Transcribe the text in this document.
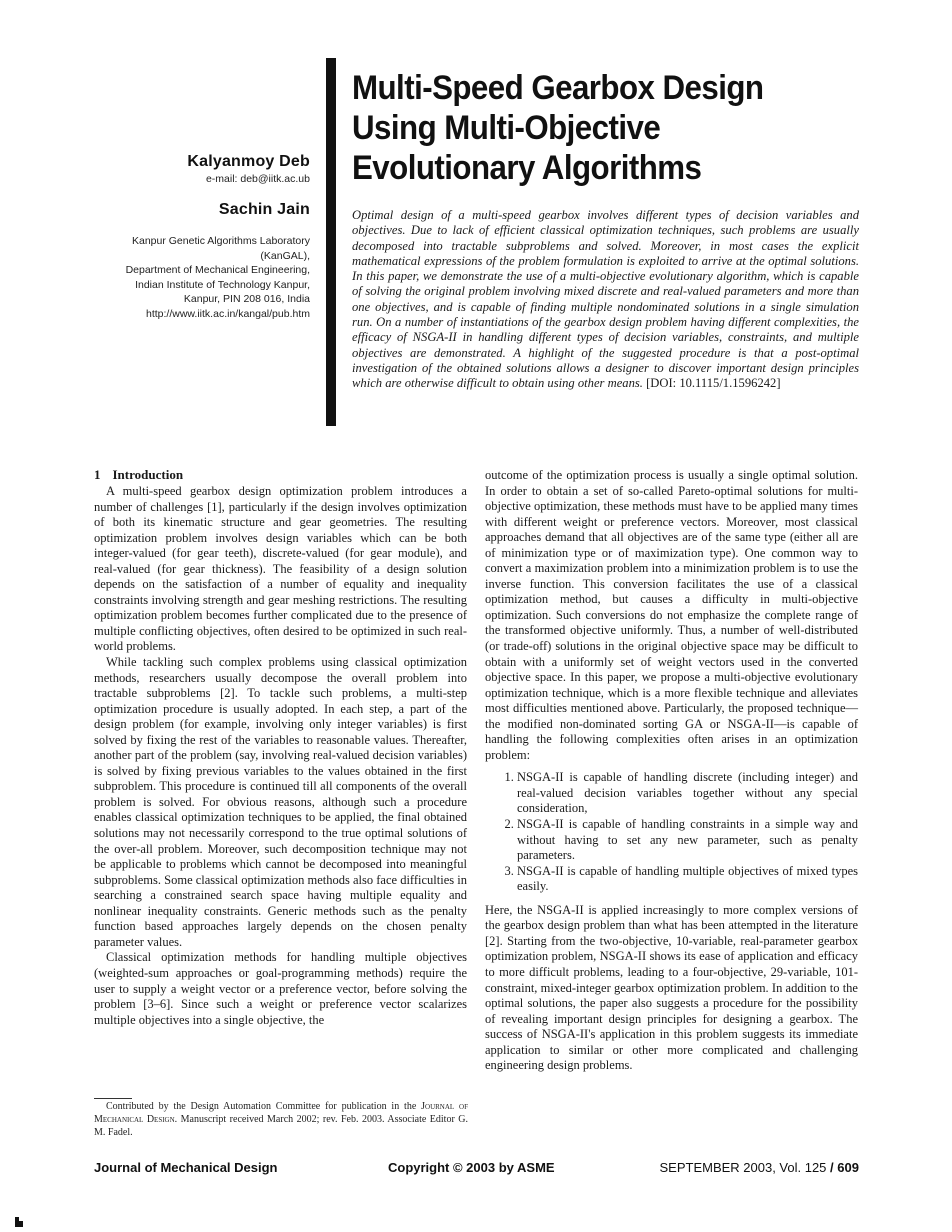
Kalyanmoy Deb
e-mail: deb@iitk.ac.ub
Sachin Jain
Kanpur Genetic Algorithms Laboratory
(KanGAL),
Department of Mechanical Engineering,
Indian Institute of Technology Kanpur,
Kanpur, PIN 208 016, India
http://www.iitk.ac.in/kangal/pub.htm
Multi-Speed Gearbox Design
Using Multi-Objective
Evolutionary Algorithms
Optimal design of a multi-speed gearbox involves different types of decision variables and objectives. Due to lack of efficient classical optimization techniques, such problems are usually decomposed into tractable subproblems and solved. Moreover, in most cases the explicit mathematical expressions of the problem formulation is exploited to arrive at the optimal solutions. In this paper, we demonstrate the use of a multi-objective evolutionary algorithm, which is capable of solving the original problem involving mixed discrete and real-valued parameters and more than one objectives, and is capable of finding multiple nondominated solutions in a single simulation run. On a number of instantiations of the gearbox design problem having different complexities, the efficacy of NSGA-II in handling different types of decision variables, constraints, and multiple objectives are demonstrated. A highlight of the suggested procedure is that a post-optimal investigation of the obtained solutions allows a designer to discover important design principles which are otherwise difficult to obtain using other means. [DOI: 10.1115/1.1596242]

1 Introduction

A multi-speed gearbox design optimization problem introduces a number of challenges [1], particularly if the design involves optimization of both its kinematic structure and gear geometries. The resulting optimization problem involves design variables which can be both integer-valued (for gear teeth), discrete-valued (for gear module), and real-valued (for gear thickness). The feasibility of a design solution depends on the satisfaction of a number of equality and inequality constraints involving strength and gear meshing restrictions. The resulting optimization problem becomes further complicated due to the presence of multiple conflicting objectives, often desired to be optimized in such real-world problems.

While tackling such complex problems using classical optimization methods, researchers usually decompose the overall problem into tractable subproblems [2]. To tackle such problems, a multi-step optimization procedure is usually adopted. In each step, a part of the design problem (for example, involving only integer variables) is first solved by fixing the rest of the variables to reasonable values. Thereafter, another part of the problem (say, involving real-valued decision variables) is solved by fixing previous variables to the values obtained in the first subproblem. This procedure is continued till all components of the overall problem is solved. For obvious reasons, although such a procedure enables classical optimization techniques to be applied, the final obtained solutions may not necessarily correspond to the true optimal solutions of the over-all problem. Moreover, such decomposition technique may not be applicable to problems which cannot be decomposed into meaningful subproblems. Some classical optimization methods also face difficulties in searching a constrained search space having multiple equality and nonlinear inequality constraints. Generic methods such as the penalty function based approaches largely depends on the chosen penalty parameter values.

Classical optimization methods for handling multiple objectives (weighted-sum approaches or goal-programming methods) require the user to supply a weight vector or a preference vector, before solving the problem [3–6]. Since such a weight or preference vector scalarizes multiple objectives into a single objective, the

Contributed by the Design Automation Committee for publication in the Journal of Mechanical Design. Manuscript received March 2002; rev. Feb. 2003. Associate Editor G. M. Fadel.

outcome of the optimization process is usually a single optimal solution. In order to obtain a set of so-called Pareto-optimal solutions for multi-objective optimization, these methods must have to be applied many times with different weight or preference vectors. Moreover, most classical approaches demand that all objectives are of the same type (either all are of minimization type or of maximization type). One common way to convert a maximization problem into a minimization problem is to use the inverse function. This conversion facilitates the use of a classical optimization method, but causes a difficulty in multi-objective optimization. Such conversions do not emphasize the complete range of the transformed objective uniformly. Thus, a number of well-distributed (or trade-off) solutions in the original objective space may be difficult to obtain with a uniformly set of weight vectors used in the converted objective space. In this paper, we propose a multi-objective evolutionary optimization technique, which is a more flexible technique and alleviates most difficulties mentioned above. Particularly, the proposed technique—the modified non-dominated sorting GA or NSGA-II—is capable of handling the following complexities often arises in an optimization problem:

1. NSGA-II is capable of handling discrete (including integer) and real-valued decision variables together without any special consideration,
2. NSGA-II is capable of handling constraints in a simple way and without having to set any new parameter, such as penalty parameters.
3. NSGA-II is capable of handling multiple objectives of mixed types easily.

Here, the NSGA-II is applied increasingly to more complex versions of the gearbox design problem than what has been attempted in the literature [2]. Starting from the two-objective, 10-variable, real-parameter gearbox optimization problem, NSGA-II shows its ease of application and efficacy to more difficult problems, leading to a four-objective, 29-variable, 101-constraint, mixed-integer gearbox optimization problem. In addition to the optimal solutions, the paper also suggests a procedure for the possibility of revealing important design principles for designing a gearbox. The success of NSGA-II's application in this problem suggests its immediate application to similar or other more complicated and challenging engineering design problems.

Journal of Mechanical Design	Copyright © 2003 by ASME	SEPTEMBER 2003, Vol. 125 / 609
